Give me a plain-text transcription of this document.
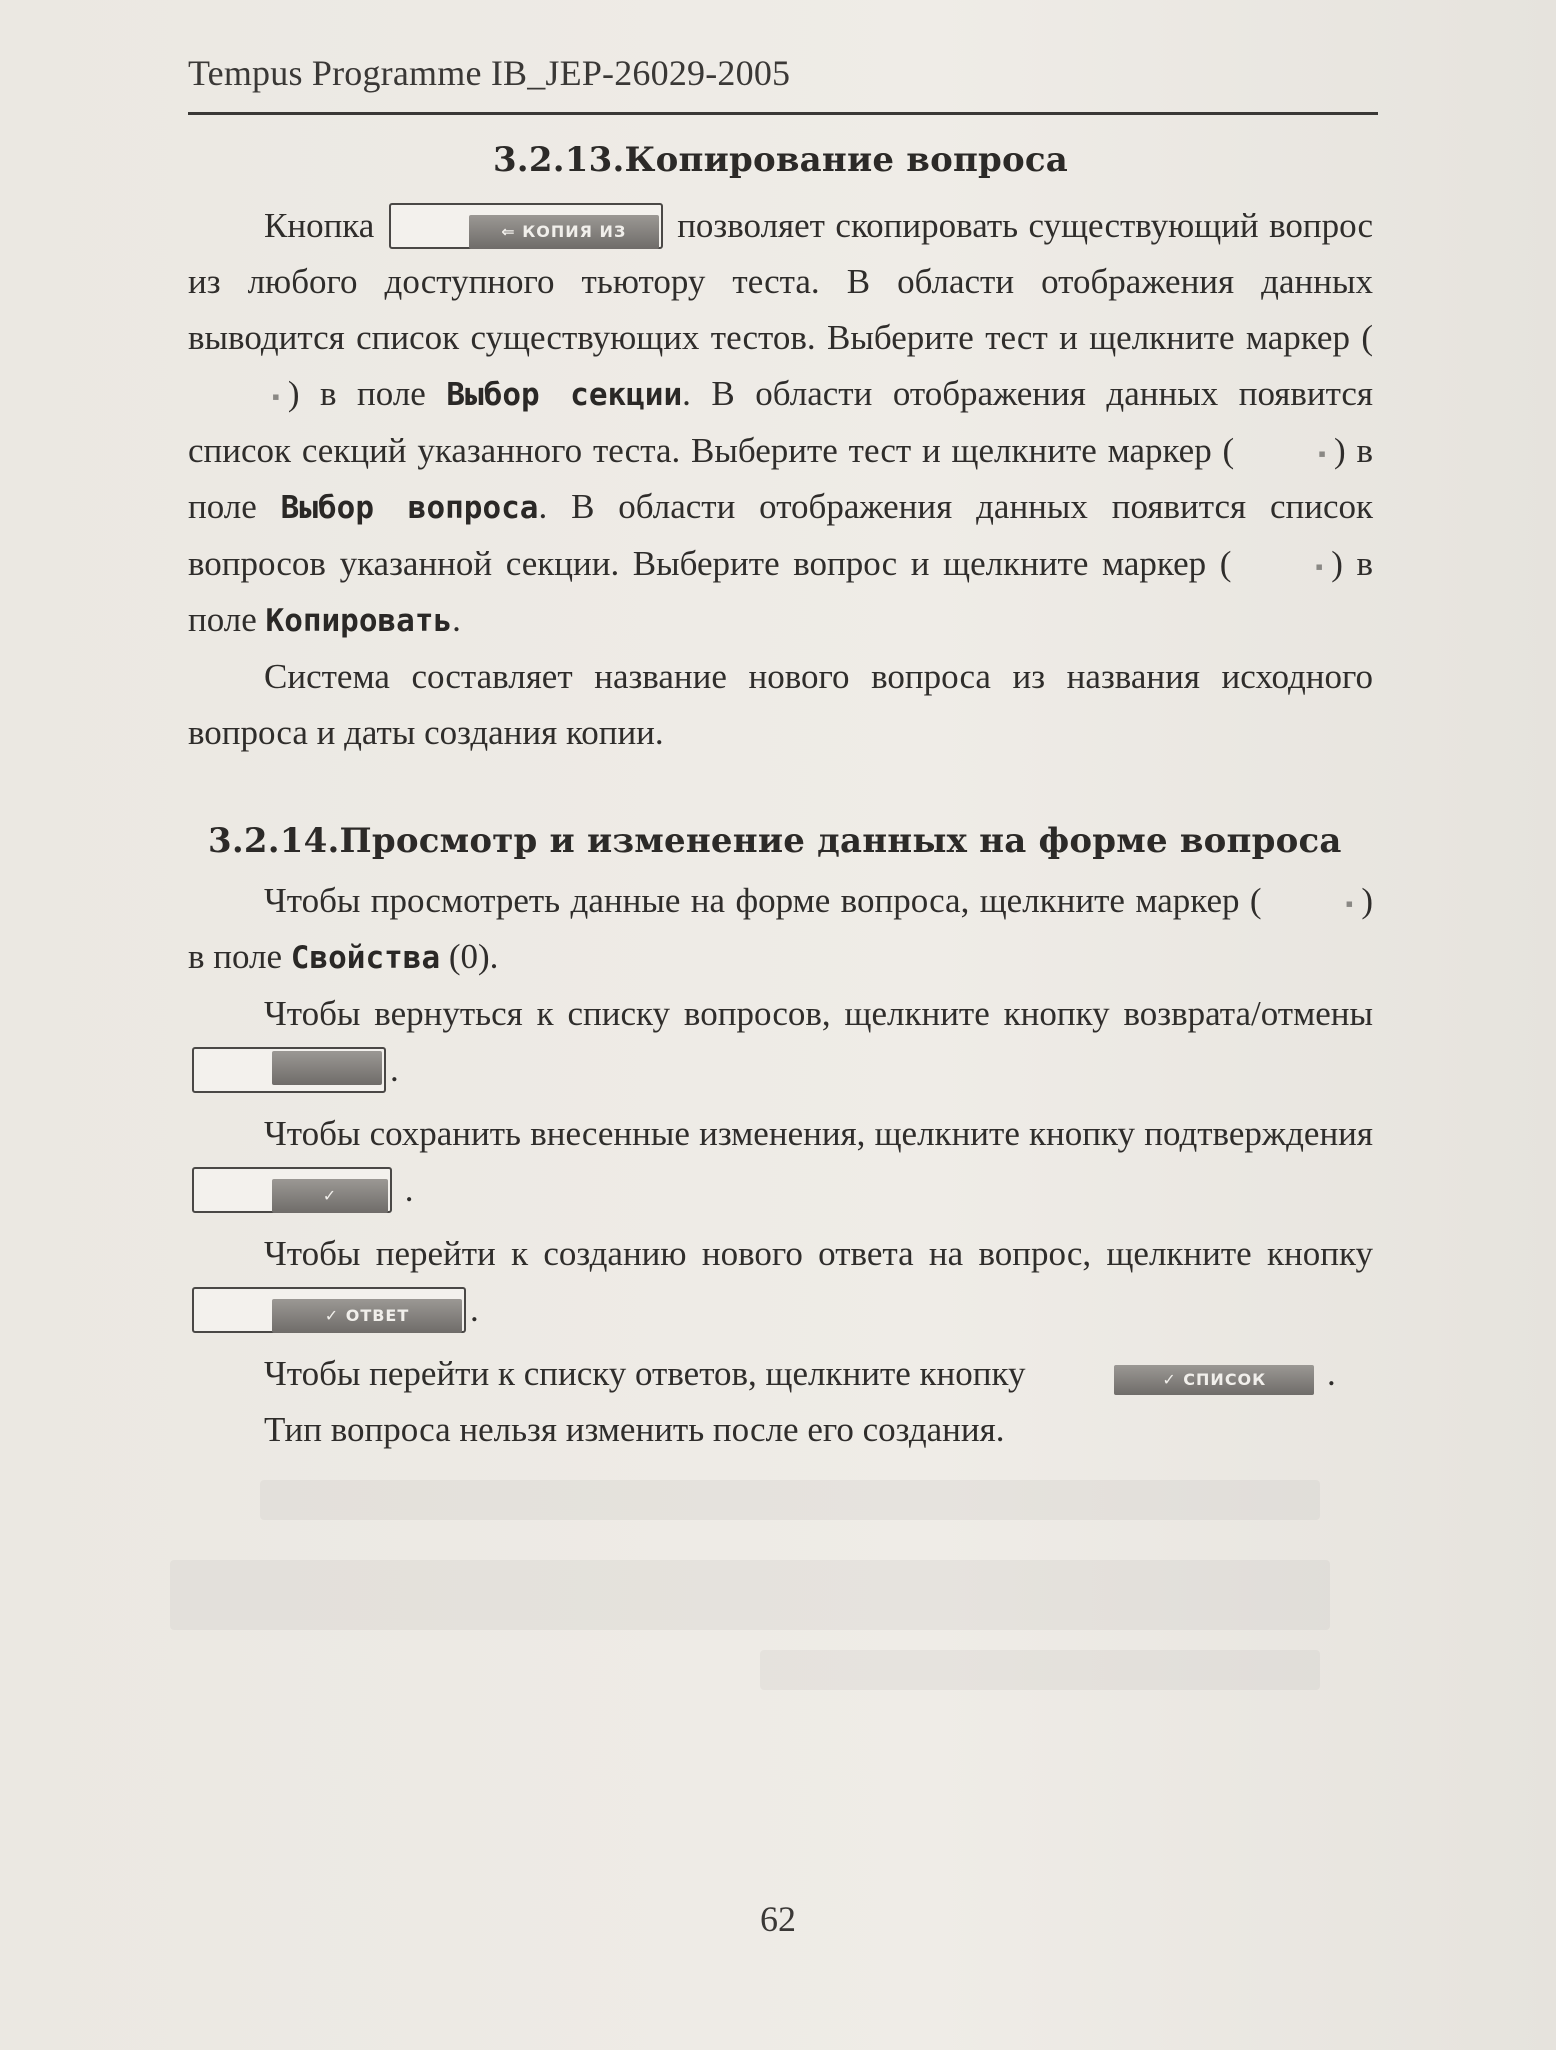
Tempus Programme IB_JEP-26029-2005
3.2.13.Копирование вопроса

Кнопка	⇐ КОПИЯ ИЗ позволяет скопировать существующий вопрос из любого доступного тьютору теста. В области отображения данных выводится список существующих тестов. Выберите тест и щелкните маркер (▪ ) в поле Выбор секции. В области отображения данных появится список секций указанного теста. Выберите тест и щелкните маркер (	▪ ) в поле Выбор вопроса. В области отображения данных появится список вопросов указанной секции. Выберите вопрос и щелкните маркер (	▪ ) в поле Копировать.

Система составляет название нового вопроса из названия исходного вопроса и даты создания копии.

3.2.14.Просмотр и изменение данных на форме вопроса

Чтобы просмотреть данные на форме вопроса, щелкните маркер (	▪ ) в поле Свойства (0).

Чтобы вернуться к списку вопросов, щелкните кнопку возврата/отмены .

Чтобы сохранить внесенные изменения, щелкните кнопку подтверждения ✓ .

Чтобы перейти к созданию нового ответа на вопрос, щелкните кнопку ✓ ОТВЕТ .

Чтобы перейти к списку ответов, щелкните кнопку	✓ СПИСОК .

Тип вопроса нельзя изменить после его создания.

62
